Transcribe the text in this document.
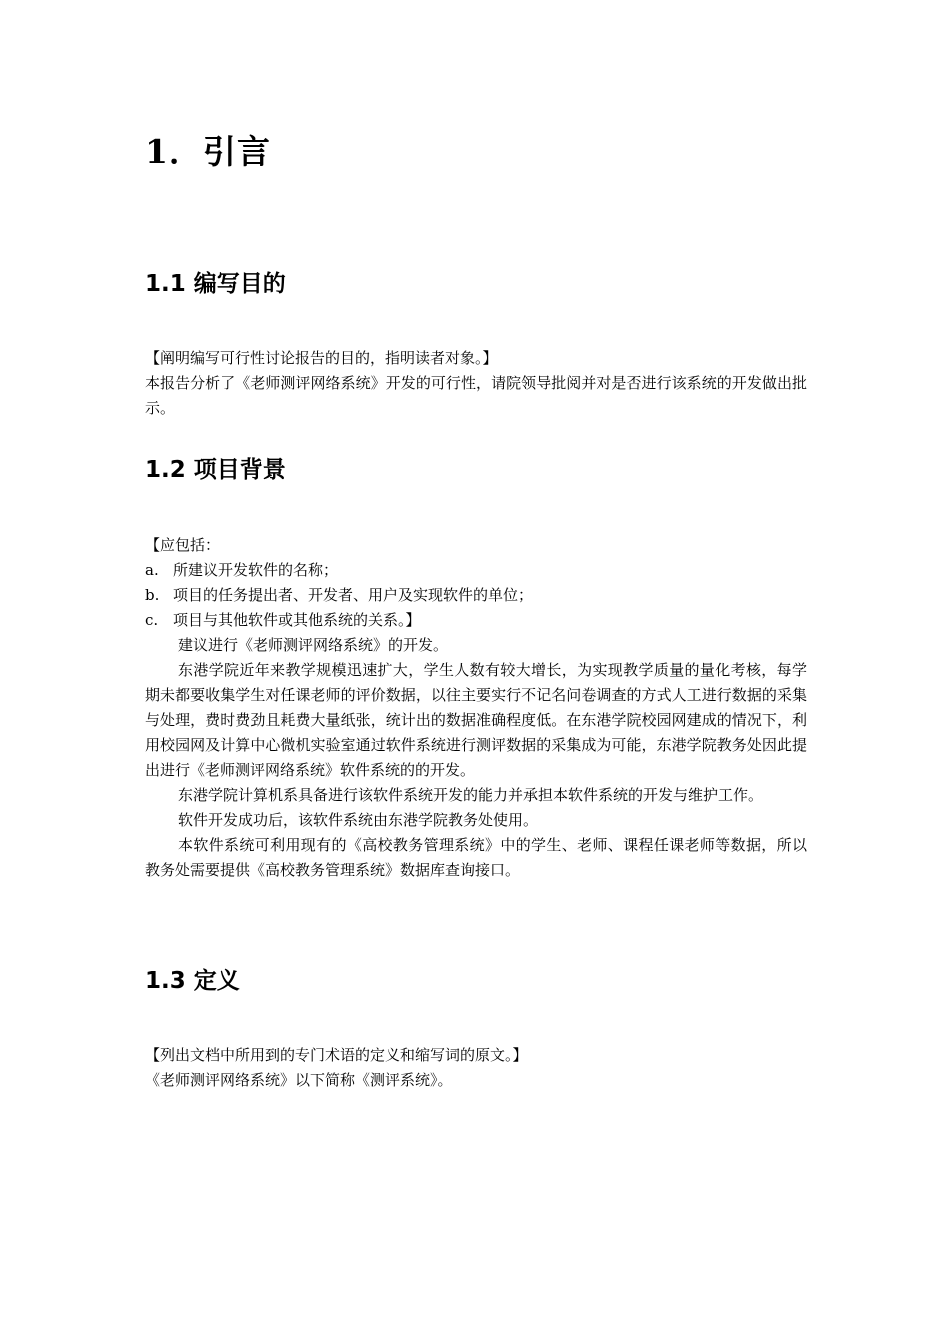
1．引言
1.1 编写目的
【阐明编写可行性讨论报告的目的，指明读者对象。】
本报告分析了《老师测评网络系统》开发的可行性，请院领导批阅并对是否进行该系统的开发做出批示。
1.2 项目背景
【应包括：
a. 所建议开发软件的名称；
b. 项目的任务提出者、开发者、用户及实现软件的单位；
c. 项目与其他软件或其他系统的关系。】
建议进行《老师测评网络系统》的开发。
东港学院近年来教学规模迅速扩大，学生人数有较大增长，为实现教学质量的量化考核，每学期未都要收集学生对任课老师的评价数据，以往主要实行不记名问卷调查的方式人工进行数据的采集与处理，费时费劲且耗费大量纸张，统计出的数据准确程度低。在东港学院校园网建成的情况下，利用校园网及计算中心微机实验室通过软件系统进行测评数据的采集成为可能，东港学院教务处因此提出进行《老师测评网络系统》软件系统的的开发。
东港学院计算机系具备进行该软件系统开发的能力并承担本软件系统的开发与维护工作。
软件开发成功后，该软件系统由东港学院教务处使用。
本软件系统可利用现有的《高校教务管理系统》中的学生、老师、课程任课老师等数据，所以教务处需要提供《高校教务管理系统》数据库查询接口。
1.3 定义
【列出文档中所用到的专门术语的定义和缩写词的原文。】
《老师测评网络系统》以下简称《测评系统》。
